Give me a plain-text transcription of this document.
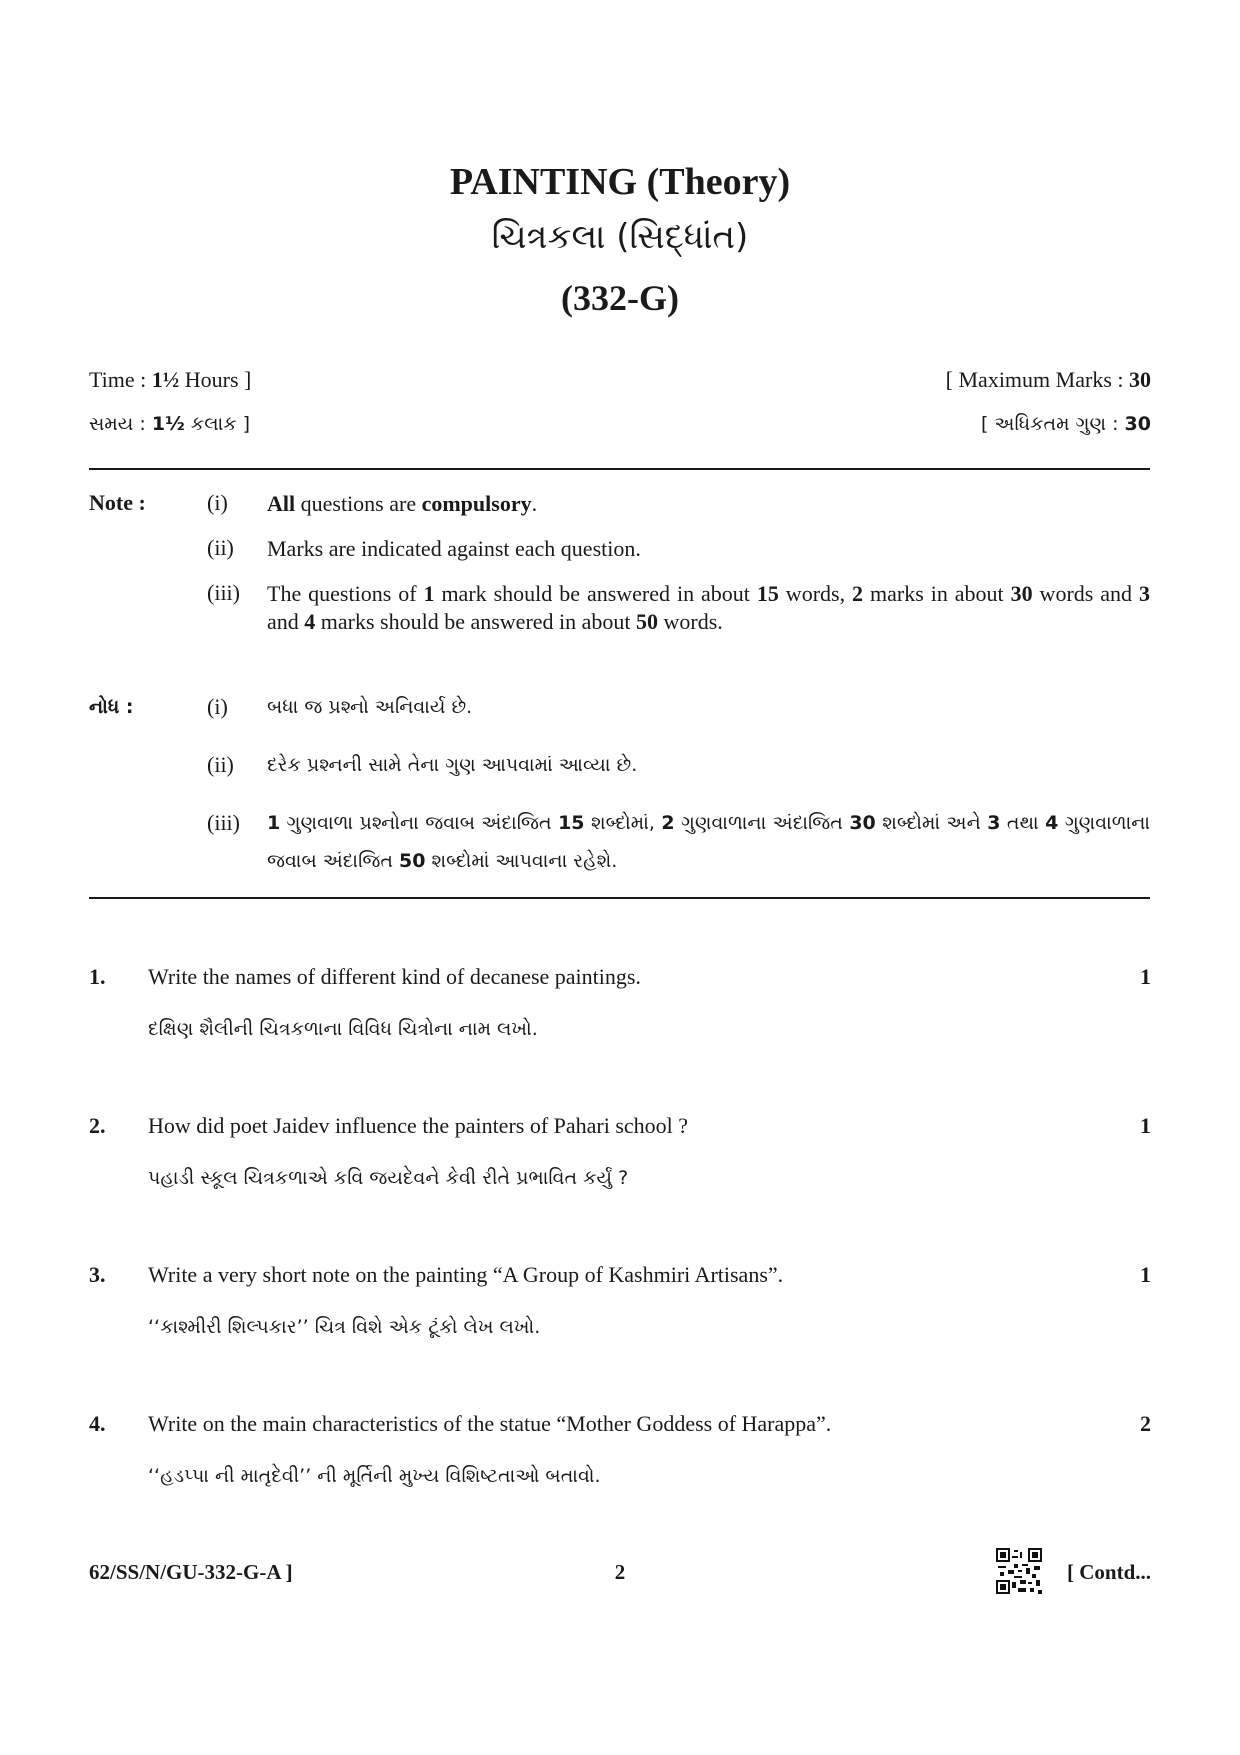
PAINTING (Theory)
ચિત્રકલા (સિદ્ધાંત)
(332-G)
Time : 1½ Hours ]	[ Maximum Marks : 30
સમય : 1½ કલાક ]	[ અધિકતમ ગુણ : 30
Note :	(i) All questions are compulsory.
(ii) Marks are indicated against each question.
(iii) The questions of 1 mark should be answered in about 15 words, 2 marks in about 30 words and 3 and 4 marks should be answered in about 50 words.
નોધ :	(i) બધા જ પ્રશ્નો અનિવાર્ય છે.
(ii) દરેક પ્રશ્નની સામે તેના ગુણ આપવામાં આવ્યા છે.
(iii) 1 ગુણવાળા પ્રશ્નોના જવાબ અંદાજિત 15 શબ્દોમાં, 2 ગુણવાળાના અંદાજિત 30 શબ્દોમાં અને 3 તથા 4 ગુણવાળાના જવાબ અંદાજિત 50 શબ્દોમાં આપવાના રહેશે.
1. Write the names of different kind of decanese paintings.	1
દક્ષિણ શૈલીની ચિત્રકળાના વિવિધ ચિત્રોના નામ લખો.
2. How did poet Jaidev influence the painters of Pahari school ?	1
પહાડી સ્કૂલ ચિત્રકળાએ કવિ જયદેવને કેવી રીતે પ્રભાવિત કર્યું ?
3. Write a very short note on the painting “A Group of Kashmiri Artisans”.	1
‘‘કાશ્મીરી શિલ્પકાર’’ ચિત્ર વિશે એક ટૂંકો લેખ લખો.
4. Write on the main characteristics of the statue “Mother Goddess of Harappa”.	2
‘‘હડપ્પા ની માતૃદેવી’’ ની મૂર્તિની મુખ્ય વિશિષ્ટતાઓ બતાવો.
62/SS/N/GU-332-G-A ]	2	[ Contd...
